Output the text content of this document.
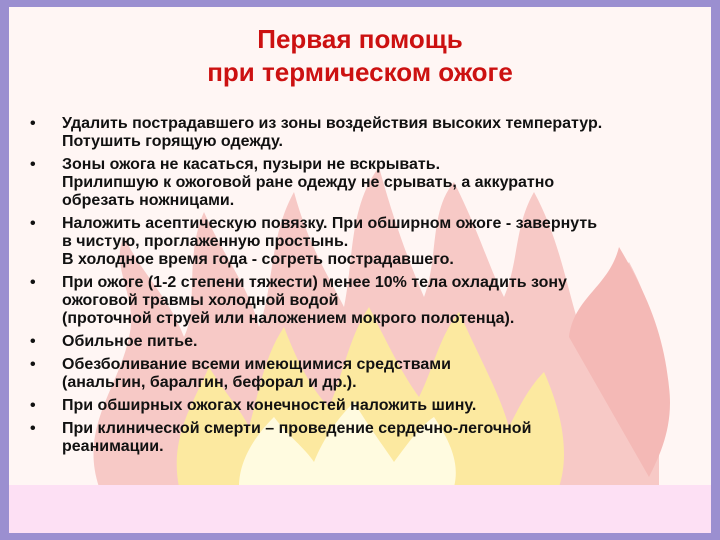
Первая помощь
при термическом ожоге
•	Удалить пострадавшего из зоны воздействия высоких температур.
Потушить горящую одежду.
•	Зоны ожога не касаться, пузыри не вскрывать.
Прилипшую к ожоговой ране одежду не срывать, а аккуратно
обрезать ножницами.
•	Наложить асептическую повязку. При обширном ожоге - завернуть
в чистую, проглаженную простынь.
В холодное время года - согреть пострадавшего.
•	При ожоге (1-2 степени тяжести) менее 10% тела охладить зону
ожоговой травмы холодной водой
(проточной струей или наложением мокрого полотенца).
•	Обильное питье.
•	Обезболивание всеми имеющимися средствами
(анальгин, баралгин, бефорал и др.).
•	При обширных ожогах конечностей наложить шину.
•	При клинической смерти – проведение сердечно-легочной
реанимации.
